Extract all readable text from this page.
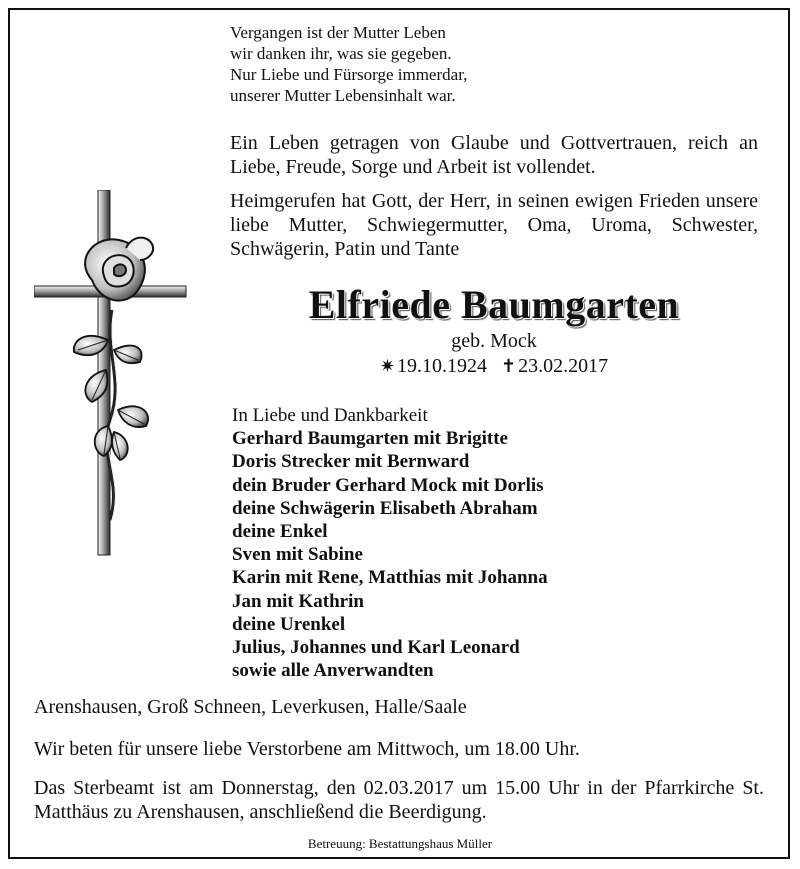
Vergangen ist der Mutter Leben
wir danken ihr, was sie gegeben.
Nur Liebe und Fürsorge immerdar,
unserer Mutter Lebensinhalt war.

Ein Leben getragen von Glaube und Gottvertrauen, reich an Liebe, Freude, Sorge und Arbeit ist vollendet.

Heimgerufen hat Gott, der Herr, in seinen ewigen Frieden unsere liebe Mutter, Schwiegermutter, Oma, Uroma, Schwester, Schwägerin, Patin und Tante

Elfriede Baumgarten
geb. Mock
✷ 19.10.1924 ✝ 23.02.2017
In Liebe und Dankbarkeit
Gerhard Baumgarten mit Brigitte
Doris Strecker mit Bernward
dein Bruder Gerhard Mock mit Dorlis
deine Schwägerin Elisabeth Abraham
deine Enkel
Sven mit Sabine
Karin mit Rene, Matthias mit Johanna
Jan mit Kathrin
deine Urenkel
Julius, Johannes und Karl Leonard
sowie alle Anverwandten
Arenshausen, Groß Schneen, Leverkusen, Halle/Saale
Wir beten für unsere liebe Verstorbene am Mittwoch, um 18.00 Uhr.
Das Sterbeamt ist am Donnerstag, den 02.03.2017 um 15.00 Uhr in der Pfarrkirche St. Matthäus zu Arenshausen, anschließend die Beerdigung.
Betreuung: Bestattungshaus Müller
